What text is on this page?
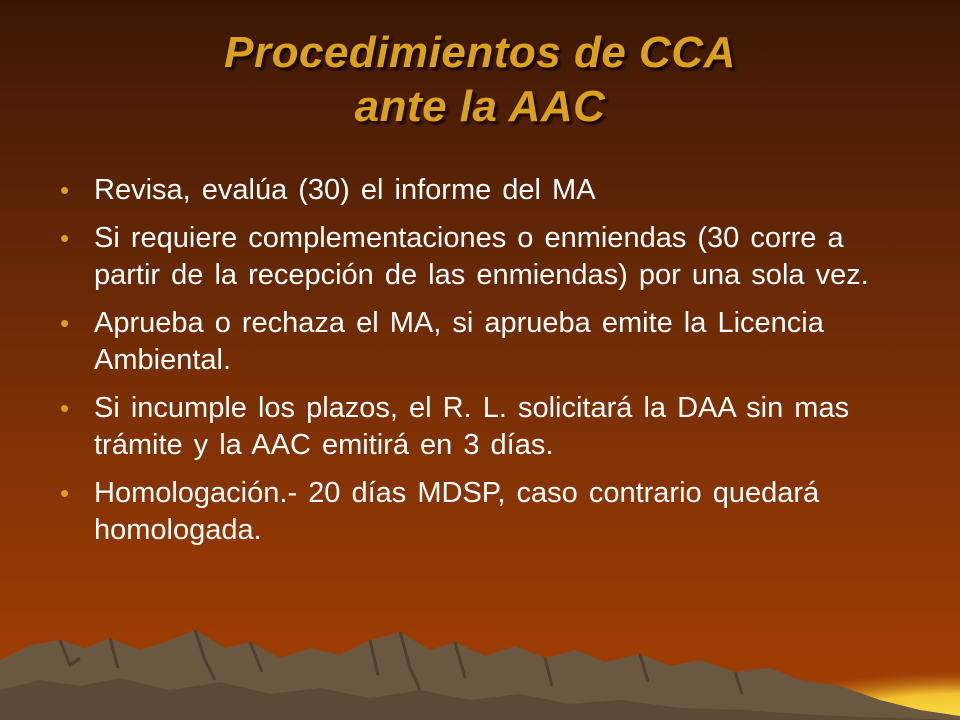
Procedimientos de CCA
ante la AAC
• Revisa, evalúa (30) el informe del MA
• Si requiere complementaciones o enmiendas (30 corre a partir de la recepción de las enmiendas) por una sola vez.
• Aprueba o rechaza el MA, si aprueba emite la Licencia Ambiental.
• Si incumple los plazos, el R. L. solicitará la DAA sin mas trámite y la AAC emitirá en 3 días.
• Homologación.- 20 días MDSP, caso contrario quedará homologada.
